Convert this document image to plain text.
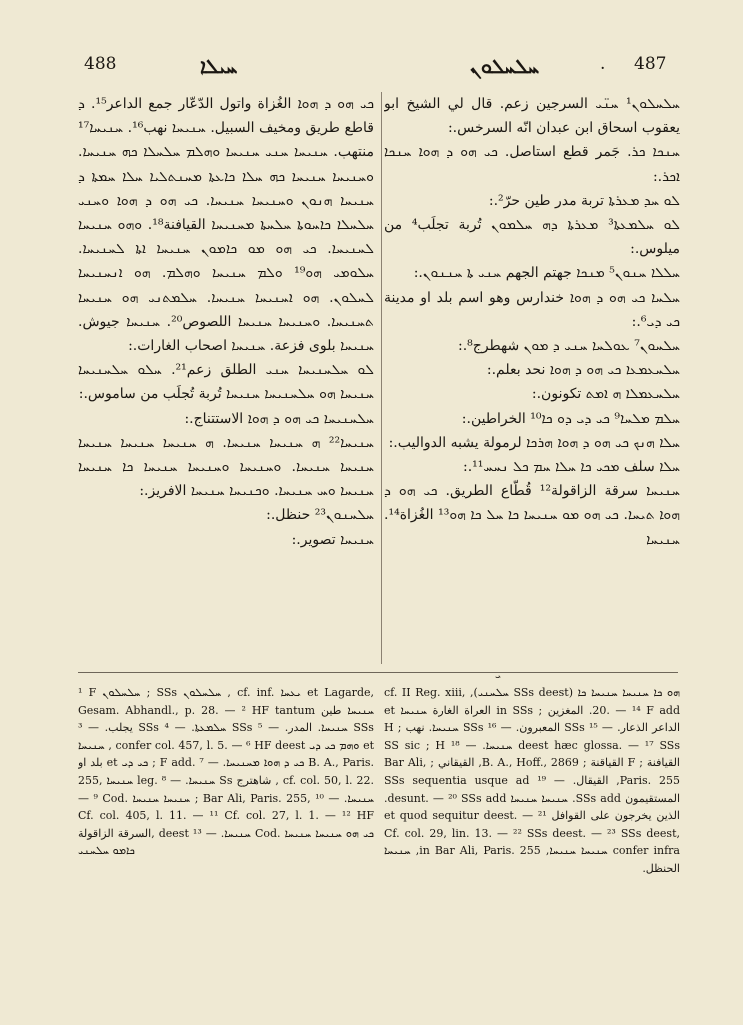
488	ܚܝܠܐ	ܚܠܚܠܘܢ	. 487

ܚܠܚܠܘܢ¹ ܚܢ̈ܝ السرجين زعم. قال لي الشيخ ابو يعقوب اسحاق ابن عبدان انّه السرخس.:

ܚܢܟܐ ܟܪ. جَمر قطع استاصل. ܟܝ ܗܘ ܕ ܗܘܐ ܚܢܟܐ ܐܟܪ.:

ܠܘ ܚܕ ܡܥܪܬܐ تربة مدر طين حرّ².:

ܠܘ ܚܠܡܥܬܐ³ ܡܥܪܬܐ ܕܗ ܚܠܡܘܢ تُربة تجلَب⁴ من ميلوس.:

ܚܠܠܐ ܚܢܘܢ⁵ ܡܢܟܐ جهتم الجهم ܚܢܝ ܬܐ ܚܢܢܘܢ.:

ܚܠܚܐ ܟܝ ܗܘ ܕ ܗܘܐ خندارس وهو اسم بلد او مدينة ܟܝ ܕܝ⁶.:

ܚܠܚܘܢ⁷ ܥܘܠܚܐ ܚܢܝ ܕ ܡܘܢ شهطرج⁸.:

ܚܠܚܥܡܥܐ ܟܝ ܗܘ ܕ ܗܘܐ نحد بعلم.:

ܚܠܚܥܡܠܐ ܗ ܐܡܬ تكونون.:

ܚܠܡ ܡܠܚܐ⁹ ܟܝ ܕܝ ܕܘ ܟܐ¹⁰ الخراطين.:

ܚܠܐ ܗܢܟ ܟܝ ܗܘ ܕ ܗܘܐ ܗܪܟܐ لرمولة يشبه الدواليب.:

ܚܠܐ سلف ܡܟܝ ܟܐ ܚܠܐ ܚܡ ܟܠ ܢܚܚ¹¹.:

ܚܢܝܚܐ سرقة الزاقولة¹² قُطّاع الطريق. ܟܝ ܗܘ ܕ ܗܘܐ ܬܝܚܐ. ܟܝ ܗܘ ܡܘ ܚܢܝܚܐ ܟܐ ܚܠ ܟܐ ܗܘ¹³ الغُزاة¹⁴. ܚܢܝܚܐ

ܟܝ ܗܘ ܕ ܗܘܐ الغُزاة واتول الدّعّار جمع الداعر¹⁵. ܕ قاطع طريق ومخيف السبيل. ܚܢܝܚܐ نهب¹⁶. ܚܢܝܚܐ¹⁷ منتهب. ܚܢܝܚܐ ܚܢܝ ܚܢܝܚܐ ܘܗܠܡ ܚܠܚܠܐ ܟܗ ܚܢܝܚܐ. ܘܚܢܝܚܐ ܚܢܝܚܐ ܟܗ ܚܠܐ ܟܐܥܬܐ ܡܚܢܬܠܝܐ ܚܠܐ ܚܡܬܐ ܕ ܚܢܝܚܐ ܗܢܘܢ ܘܚܢܝܚܐ ܚܢܝܚܐ. ܟܝ ܗܘ ܕ ܗܘܐ ܘܚܢܝ ܚܠܚܠܐ ܟܐܚܘܬܐ ܚܠܚܬܐ ܡܚܢܝܚܐ القيافنة¹⁸. ܘܗܘ ܚܢܝܚܐ ܠܚܢܝܚܐ. ܟܝ ܗܘ ܡܘ ܟܐܡܘܢ ܚܢܝܚܐ ܐܬܐ ܠܚܢܝܚܐ. ܚܠܘܡܝ ܗܘ¹⁹ ܘܠܡ ܚܢܝܚܐ ܘܗܠܡ. ܗܘ ܐܢܚܢܝܚܐ ܠܚܠܘܢ. ܗܘ ܐܚܢܝܚܐ ܚܢܝܚܐ. ܚܠܡܬܢܝ ܗܘ ܚܢܝܚܐ ܬܚܢܝܚܐ. ܘܚܢܝܚܐ ܚܢܝܚܐ اللصوص²⁰. ܚܢܝܚܐ جيوش. ܚܢܝܚܐ بلوى فزعة. ܚܢܝܚܐ اصحاب الغارات.:

ܠܘ ܚܠܚܢܝܚܐ ܚܢܝ الطلق زعم²¹. ܚܠܘ ܚܠܚܢܝܚܐ ܚܢܝܚܐ ܗܘ ܚܠܚܢܝܚܐ ܚܢܝܚܐ تُربة تُجلَب من ساموس.:

ܚܠܚܢܝܚܐ ܟܝ ܗܘ ܕ ܗܘܐ الاستتناج.:

ܚܢܝܚܐ²² ܗ ܚܢܝܚܐ ܚܢܝܚܐ. ܗ ܚܢܝܚܐ ܚܢܝܚܐ ܚܢܝܚܐ ܚܢܝܚܐ ܚܢܝܚܐ. ܘܚܢܝܚܐ ܘܚܢܝܚܐ ܚܢܝܚܐ ܟܐ ܚܢܝܚܐ ܚܢܝܚܐ ܘܚ ܚܢܝܚܐ. ܘܟܢܝܚܐ ܚܢܝܚܐ الافريز.:

ܚܠܚܢܘܢ²³ حنظل.:

ܚܢܝܚܐ تصوير.:

ܝ
¹ F ܚܠܚܠܘܢ ; SSs ܚܠܚܠܘܢ , cf. inf. ܝܥܚܐ et Lagarde, Gesam. Abhandl., p. 28. — ² HF tantum ܚܢܝܚܐ طين يجلب. — ³ SSs ܚܠܡܥܬܐ. — ⁴ SSs ܚܢܝܚܐ. المدر. — ⁵ SSs ܚܢܝܚܐ , confer col. 457, l. 5. — ⁶ HF deest ܘܗܡ ܟܝ ܕܝ et بلد او et ܟܝ ܕܝ ; F add. ܟܝ ܕ ܗܘܐ ܡܚܢܝܚܐ. — ⁷ B. A., Paris. 255, ܚܢܝܚܐ leg. ܚܢܝܚܐ. — ⁸ Ss شاهترج , cf. col. 50, l. 22. — ⁹ Cod. ܚܢܝܚܐ ܚܢܝܚܐ ; Bar Ali, Paris. 255, ܚܢܝܚܐ. — ¹⁰ Cf. col. 405, l. 11. — ¹¹ Cf. col. 27, l. 1. — ¹² HF السرقة الزاقولة, deest ܚܢܝܚܐ. — ¹³ Cod. ܟܝ ܗܘ ܚܢܝܚܐ ܚܢܝܚܐ ܟܐܡܘ ܚܠܚܢܝ
ܗܘ ܟܐ ܚܢܝܚܐ ܚܢܝܚܐ ܟܐ (SSs deest ܚܠܚܢܝ), cf. II Reg. xiii, 20. — ¹⁴ F add. المغزين ; in SSs العراة الغارة ܚܢܝܚܐ et الداعر الذعار. — ¹⁵ SSs المعبرون. — ¹⁶ SSs ܚܢܝܚܐ. نهب ; H deest hæc glossa. — ¹⁷ SSs ܚܢܝܚܐ. — ¹⁸ SS sic ; H القيافنة ; F القياقنة ; B. A., Hoff., 2869, القيقاني ; Bar Ali, Paris. 255, القيقال. — ¹⁹ SSs sequentia usque ad المستقيمون SSs add. ܚܢܝܚܐ ܚܢܝܚܐ desunt. — ²⁰ SSs add. الذين يخرجون على القوافل et quod sequitur deest. — ²¹ Cf. col. 29, lin. 13. — ²² SSs deest. — ²³ SSs deest, confer infra ܚܢܝܚܐ ܚܢܝܚܐ, in Bar Ali, Paris. 255, ܚܢܝܚܐ الحنظل.
